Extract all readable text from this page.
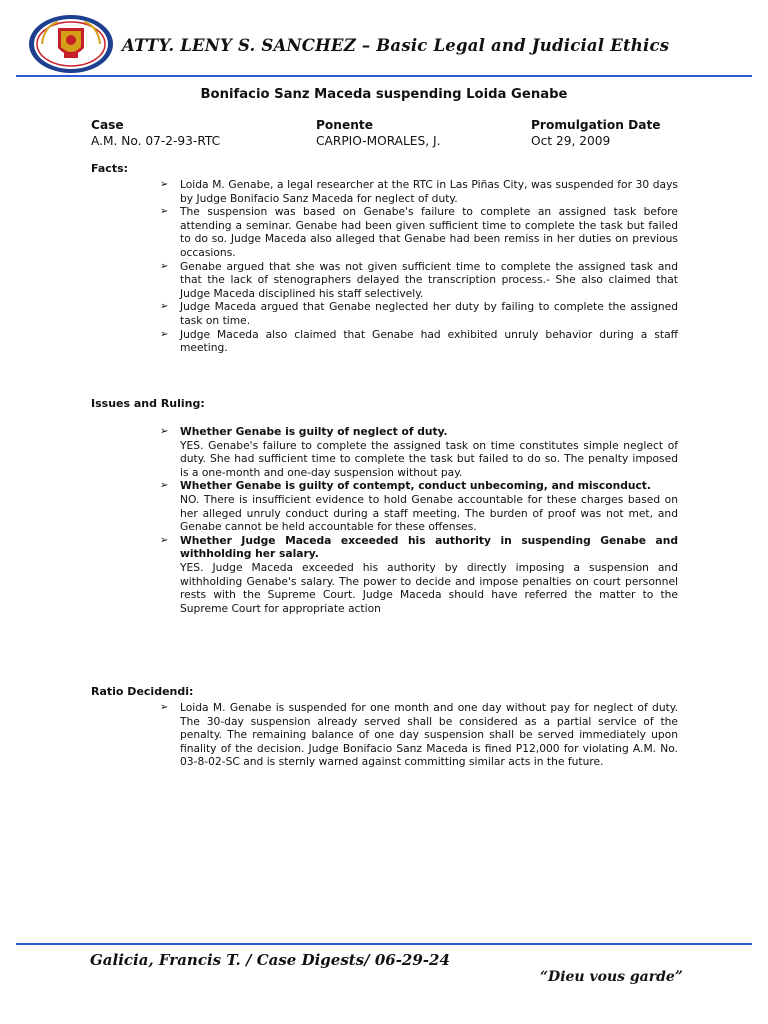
ATTY. LENY S. SANCHEZ – Basic Legal and Judicial Ethics
Bonifacio Sanz Maceda suspending Loida Genabe
Case	Ponente	Promulgation Date
A.M. No. 07-2-93-RTC	CARPIO-MORALES, J.	Oct 29, 2009
Facts:
➢ Loida M. Genabe, a legal researcher at the RTC in Las Piñas City, was suspended for 30 days by Judge Bonifacio Sanz Maceda for neglect of duty.
➢ The suspension was based on Genabe's failure to complete an assigned task before attending a seminar. Genabe had been given sufficient time to complete the task but failed to do so. Judge Maceda also alleged that Genabe had been remiss in her duties on previous occasions.
➢ Genabe argued that she was not given sufficient time to complete the assigned task and that the lack of stenographers delayed the transcription process.- She also claimed that Judge Maceda disciplined his staff selectively.
➢ Judge Maceda argued that Genabe neglected her duty by failing to complete the assigned task on time.
➢ Judge Maceda also claimed that Genabe had exhibited unruly behavior during a staff meeting.
Issues and Ruling:
➢ Whether Genabe is guilty of neglect of duty.
YES. Genabe's failure to complete the assigned task on time constitutes simple neglect of duty. She had sufficient time to complete the task but failed to do so. The penalty imposed is a one-month and one-day suspension without pay.
➢ Whether Genabe is guilty of contempt, conduct unbecoming, and misconduct.
NO. There is insufficient evidence to hold Genabe accountable for these charges based on her alleged unruly conduct during a staff meeting. The burden of proof was not met, and Genabe cannot be held accountable for these offenses.
➢ Whether Judge Maceda exceeded his authority in suspending Genabe and withholding her salary.
YES. Judge Maceda exceeded his authority by directly imposing a suspension and withholding Genabe's salary. The power to decide and impose penalties on court personnel rests with the Supreme Court. Judge Maceda should have referred the matter to the Supreme Court for appropriate action
Ratio Decidendi:
➢ Loida M. Genabe is suspended for one month and one day without pay for neglect of duty. The 30-day suspension already served shall be considered as a partial service of the penalty. The remaining balance of one day suspension shall be served immediately upon finality of the decision. Judge Bonifacio Sanz Maceda is fined P12,000 for violating A.M. No. 03-8-02-SC and is sternly warned against committing similar acts in the future.
Galicia, Francis T. / Case Digests/ 06-29-24
“Dieu vous garde”
